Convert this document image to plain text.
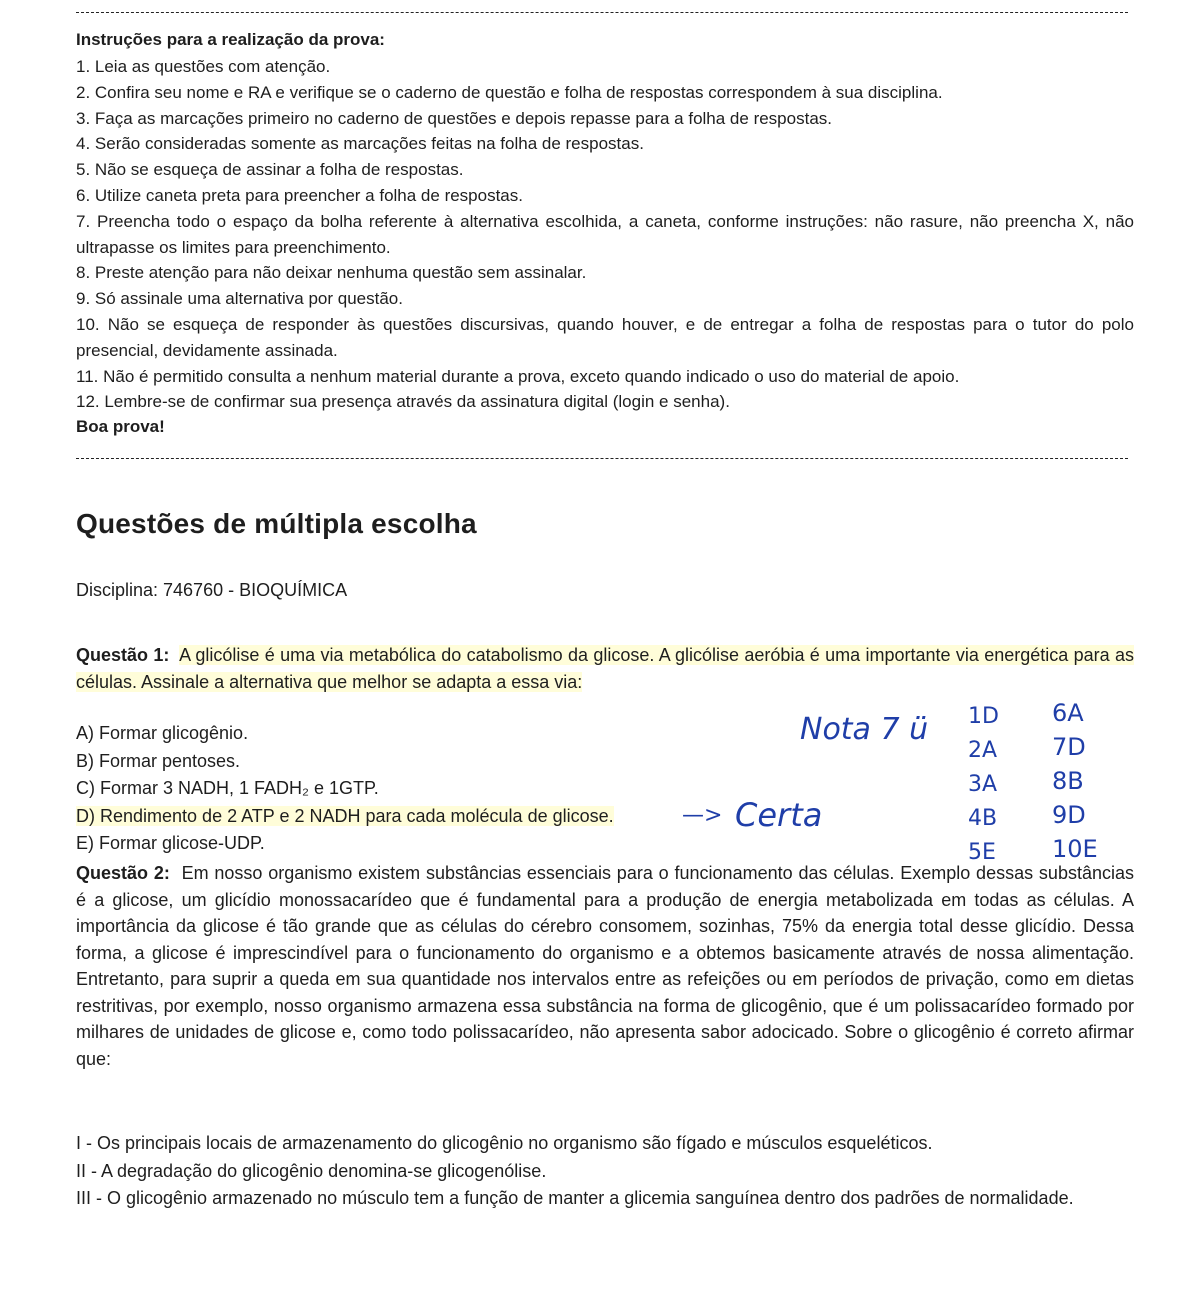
Instruções para a realização da prova:
1. Leia as questões com atenção.
2. Confira seu nome e RA e verifique se o caderno de questão e folha de respostas correspondem à sua disciplina.
3. Faça as marcações primeiro no caderno de questões e depois repasse para a folha de respostas.
4. Serão consideradas somente as marcações feitas na folha de respostas.
5. Não se esqueça de assinar a folha de respostas.
6. Utilize caneta preta para preencher a folha de respostas.
7. Preencha todo o espaço da bolha referente à alternativa escolhida, a caneta, conforme instruções: não rasure, não preencha X, não ultrapasse os limites para preenchimento.
8. Preste atenção para não deixar nenhuma questão sem assinalar.
9. Só assinale uma alternativa por questão.
10. Não se esqueça de responder às questões discursivas, quando houver, e de entregar a folha de respostas para o tutor do polo presencial, devidamente assinada.
11. Não é permitido consulta a nenhum material durante a prova, exceto quando indicado o uso do material de apoio.
12. Lembre-se de confirmar sua presença através da assinatura digital (login e senha).
Boa prova!
Questões de múltipla escolha
Disciplina: 746760 - BIOQUÍMICA
Questão 1: A glicólise é uma via metabólica do catabolismo da glicose. A glicólise aeróbia é uma importante via energética para as células. Assinale a alternativa que melhor se adapta a essa via:
A) Formar glicogênio.
B) Formar pentoses.
C) Formar 3 NADH, 1 FADH₂ e 1GTP.
D) Rendimento de 2 ATP e 2 NADH para cada molécula de glicose.
E) Formar glicose-UDP.
Nota 7 ü
—> Certa
1D
2A
3A
4B
5E
6A
7D
8B
9D
10E
Questão 2: Em nosso organismo existem substâncias essenciais para o funcionamento das células. Exemplo dessas substâncias é a glicose, um glicídio monossacarídeo que é fundamental para a produção de energia metabolizada em todas as células. A importância da glicose é tão grande que as células do cérebro consomem, sozinhas, 75% da energia total desse glicídio. Dessa forma, a glicose é imprescindível para o funcionamento do organismo e a obtemos basicamente através de nossa alimentação. Entretanto, para suprir a queda em sua quantidade nos intervalos entre as refeições ou em períodos de privação, como em dietas restritivas, por exemplo, nosso organismo armazena essa substância na forma de glicogênio, que é um polissacarídeo formado por milhares de unidades de glicose e, como todo polissacarídeo, não apresenta sabor adocicado. Sobre o glicogênio é correto afirmar que:
I - Os principais locais de armazenamento do glicogênio no organismo são fígado e músculos esqueléticos.
II - A degradação do glicogênio denomina-se glicogenólise.
III - O glicogênio armazenado no músculo tem a função de manter a glicemia sanguínea dentro dos padrões de normalidade.
